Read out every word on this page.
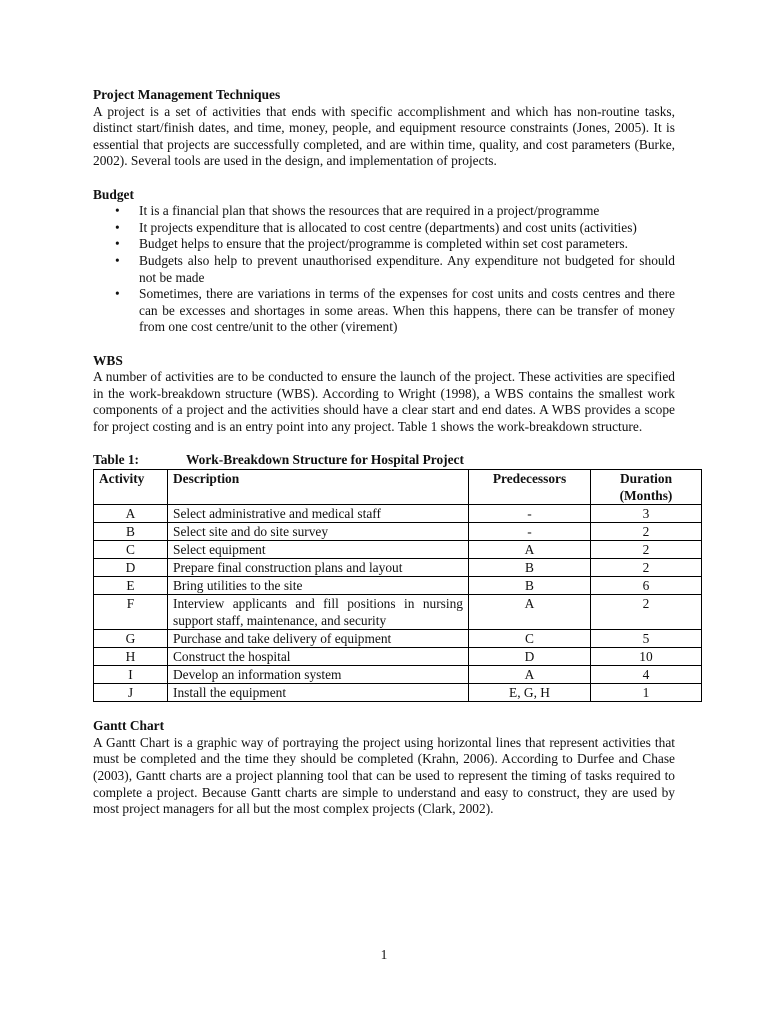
Project Management Techniques

A project is a set of activities that ends with specific accomplishment and which has non-routine tasks, distinct start/finish dates, and time, money, people, and equipment resource constraints (Jones, 2005). It is essential that projects are successfully completed, and are within time, quality, and cost parameters (Burke, 2002). Several tools are used in the design, and implementation of projects.

Budget
• It is a financial plan that shows the resources that are required in a project/programme
• It projects expenditure that is allocated to cost centre (departments) and cost units (activities)
• Budget helps to ensure that the project/programme is completed within set cost parameters.
• Budgets also help to prevent unauthorised expenditure. Any expenditure not budgeted for should not be made
• Sometimes, there are variations in terms of the expenses for cost units and costs centres and there can be excesses and shortages in some areas. When this happens, there can be transfer of money from one cost centre/unit to the other (virement)
WBS

A number of activities are to be conducted to ensure the launch of the project. These activities are specified in the work-breakdown structure (WBS). According to Wright (1998), a WBS contains the smallest work components of a project and the activities should have a clear start and end dates. A WBS provides a scope for project costing and is an entry point into any project. Table 1 shows the work-breakdown structure.

Table 1:	Work-Breakdown Structure for Hospital Project
Activity	Description	Predecessors	Duration (Months)
A	Select administrative and medical staff	-	3
B	Select site and do site survey	-	2
C	Select equipment	A	2
D	Prepare final construction plans and layout	B	2
E	Bring utilities to the site	B	6
F	Interview applicants and fill positions in nursing support staff, maintenance, and security	A	2
G	Purchase and take delivery of equipment	C	5
H	Construct the hospital	D	10
I	Develop an information system	A	4
J	Install the equipment	E, G, H	1
Gantt Chart

A Gantt Chart is a graphic way of portraying the project using horizontal lines that represent activities that must be completed and the time they should be completed (Krahn, 2006). According to Durfee and Chase (2003), Gantt charts are a project planning tool that can be used to represent the timing of tasks required to complete a project. Because Gantt charts are simple to understand and easy to construct, they are used by most project managers for all but the most complex projects (Clark, 2002).

1
